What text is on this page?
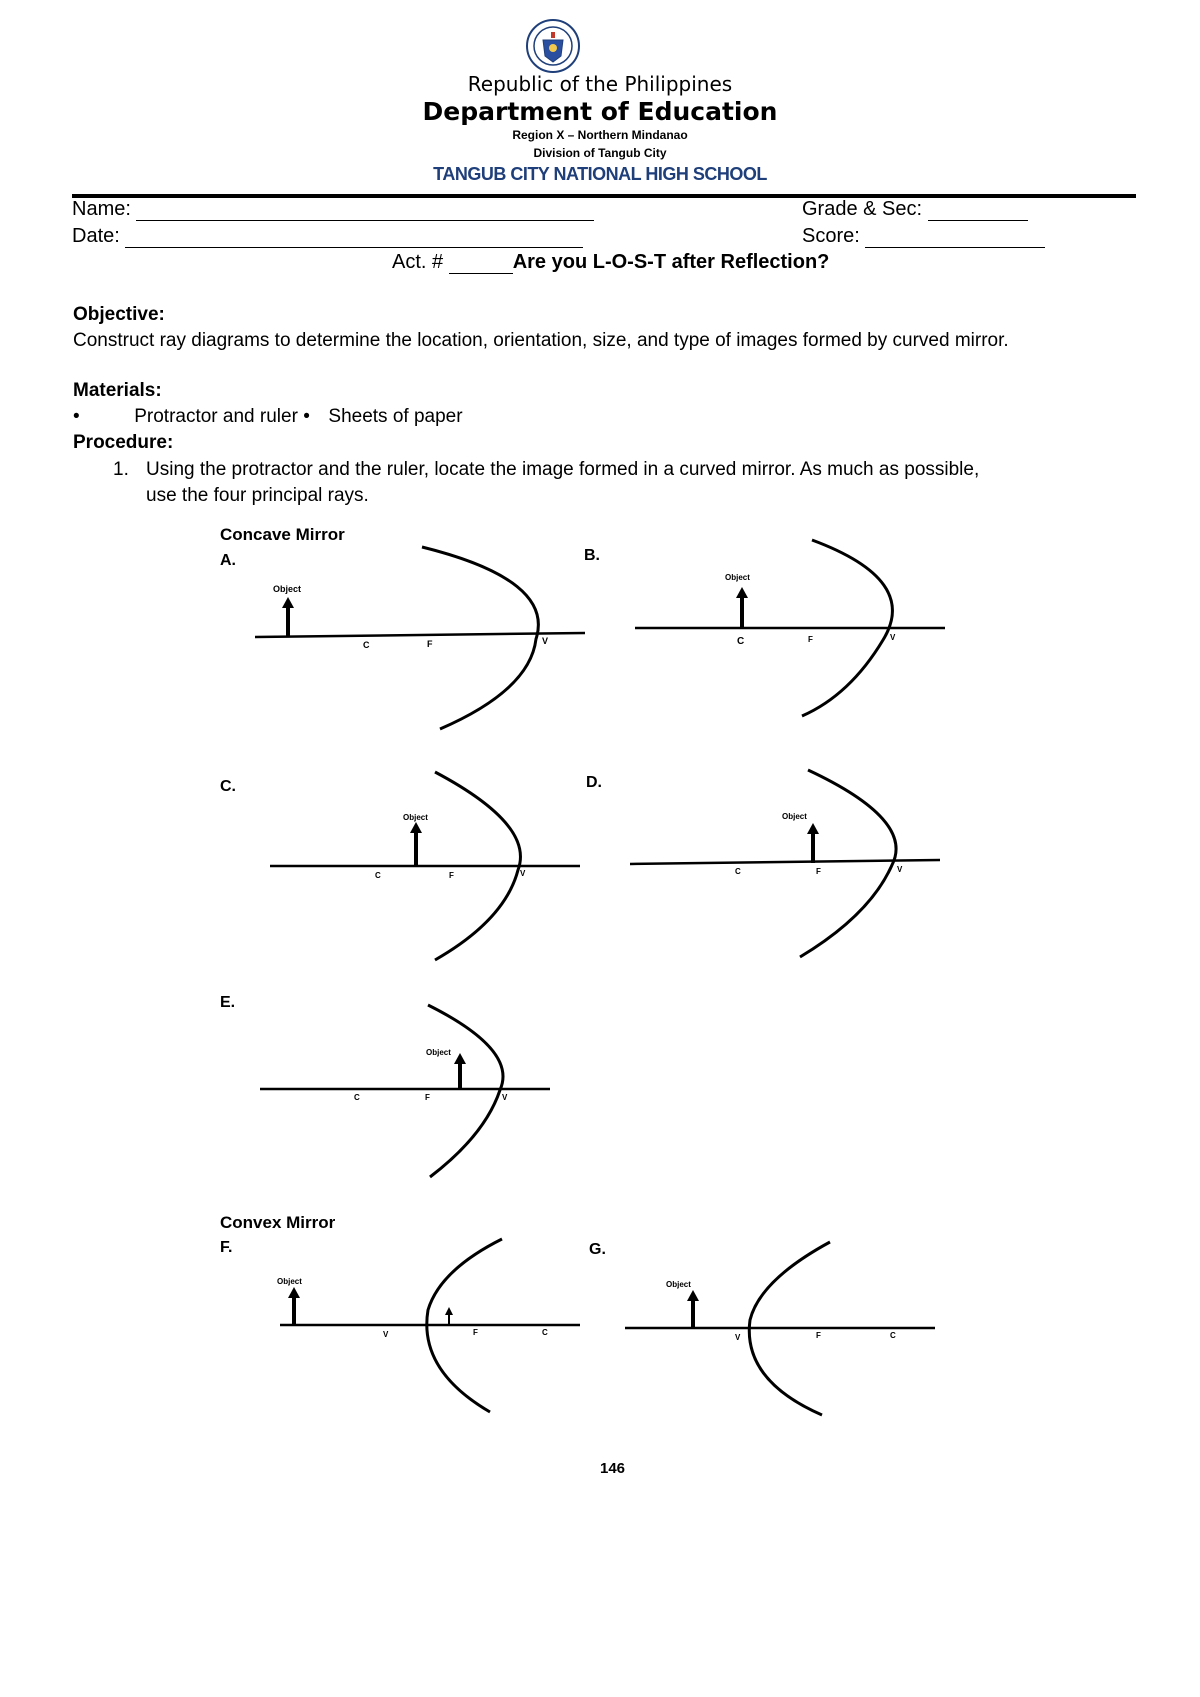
Republic of the Philippines
Department of Education
Region X – Northern Mindanao
Division of Tangub City
TANGUB CITY NATIONAL HIGH SCHOOL
Name:	Grade & Sec:
Date:	Score:
Act. #	Are you L-O-S-T after Reflection?
Objective:
Construct ray diagrams to determine the location, orientation, size, and type of images formed by curved mirror.
Materials:
•	Protractor and ruler • Sheets of paper
Procedure:
1. Using the protractor and the ruler, locate the image formed in a curved mirror. As much as possible,
use the four principal rays.
Concave Mirror
A.
Object
C	F	V
B.
Object
C	F	V
C.
Object
C	F	V
D.
Object
C	F	V
E.
Object
C	F	V
Convex Mirror
F.
Object
V	F	C
G.
Object
V	F	C
146
